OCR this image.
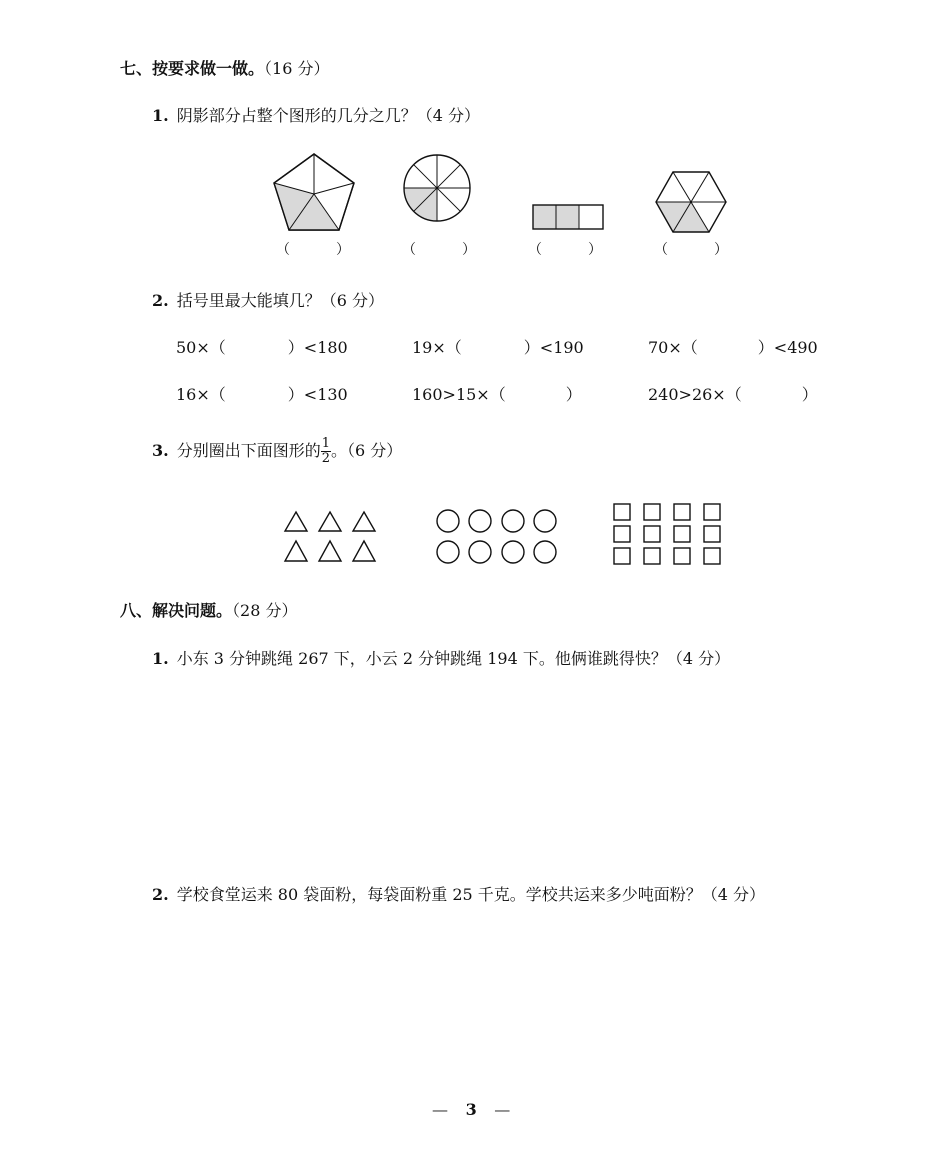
七、按要求做一做。（16 分）
1. 阴影部分占整个图形的几分之几？（4 分）
（	）	（	）	（	）	（	）
2. 括号里最大能填几？（6 分）
50×（	）<180	19×（	）<190	70×（	）<490
16×（	）<130	160>15×（	）	240>26×（	）
3. 分别圈出下面图形的 $\frac{1}{2}$ 。（6 分）
八、解决问题。（28 分）
1. 小东 3 分钟跳绳 267 下，小云 2 分钟跳绳 194 下。他俩谁跳得快？（4 分）
2. 学校食堂运来 80 袋面粉，每袋面粉重 25 千克。学校共运来多少吨面粉？（4 分）
— 3 —
